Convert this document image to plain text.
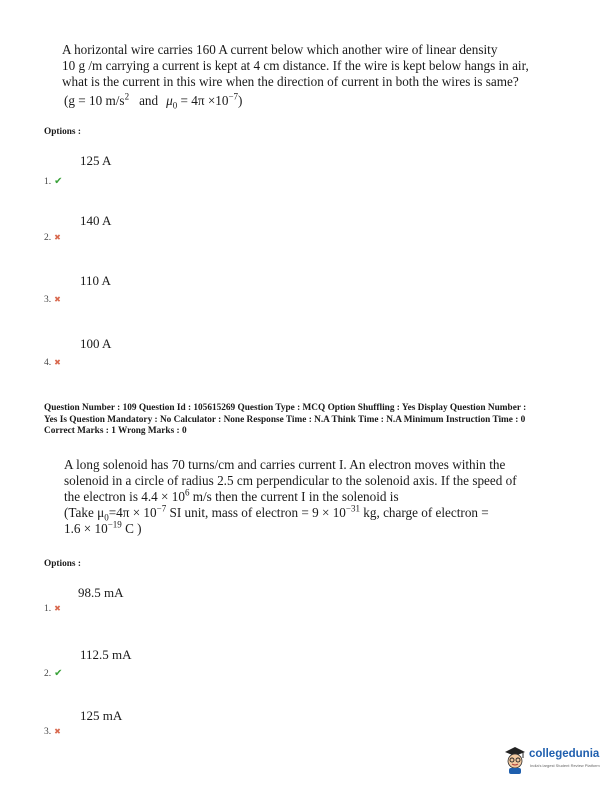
A horizontal wire carries 160 A current below which another wire of linear density
10 g /m carrying a current is kept at 4 cm distance. If the wire is kept below hangs in air,
what is the current in this wire when the direction of current in both the wires is same?
(g = 10 $m/s^2$ and $\mu_0 = 4\pi \times 10^{-7}$)
Options :
125 A
1. ✔
140 A
2. ✖
110 A
3. ✖
100 A
4. ✖
Question Number : 109 Question Id : 105615269 Question Type : MCQ Option Shuffling : Yes Display Question Number :
Yes Is Question Mandatory : No Calculator : None Response Time : N.A Think Time : N.A Minimum Instruction Time : 0
Correct Marks : 1 Wrong Marks : 0
A long solenoid has 70 turns/cm and carries current I. An electron moves within the
solenoid in a circle of radius 2.5 cm perpendicular to the solenoid axis. If the speed of
the electron is $4.4 \times 10^6$ m/s then the current I in the solenoid is
(Take $\mu_0=4\pi \times 10^{-7}$ SI unit, mass of electron = $9 \times 10^{-31}$ kg, charge of electron =
$1.6 \times 10^{-19}$ C )
Options :
98.5 mA
1. ✖
112.5 mA
2. ✔
125 mA
3. ✖
collegedunia
India's largest Student Review Platform
